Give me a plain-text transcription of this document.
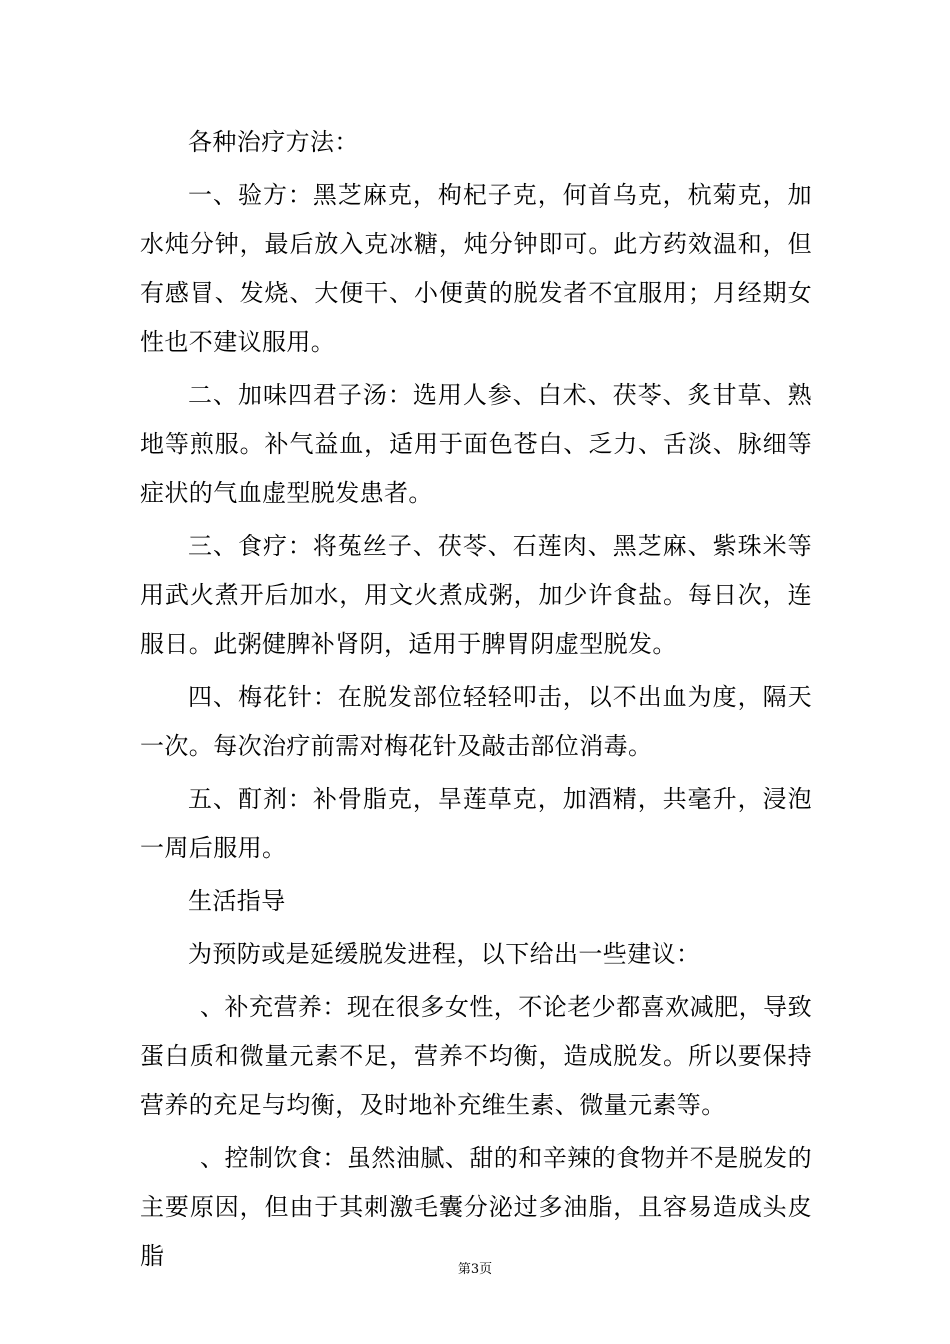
各种治疗方法：

一、验方：黑芝麻克，枸杞子克，何首乌克，杭菊克，加水炖分钟，最后放入克冰糖，炖分钟即可。此方药效温和，但有感冒、发烧、大便干、小便黄的脱发者不宜服用；月经期女性也不建议服用。

二、加味四君子汤：选用人参、白术、茯苓、炙甘草、熟地等煎服。补气益血，适用于面色苍白、乏力、舌淡、脉细等症状的气血虚型脱发患者。

三、食疗：将菟丝子、茯苓、石莲肉、黑芝麻、紫珠米等用武火煮开后加水，用文火煮成粥，加少许食盐。每日次，连服日。此粥健脾补肾阴，适用于脾胃阴虚型脱发。

四、梅花针：在脱发部位轻轻叩击，以不出血为度，隔天一次。每次治疗前需对梅花针及敲击部位消毒。

五、酊剂：补骨脂克，旱莲草克，加酒精，共毫升，浸泡一周后服用。

生活指导

为预防或是延缓脱发进程，以下给出一些建议：

、补充营养：现在很多女性，不论老少都喜欢减肥，导致蛋白质和微量元素不足，营养不均衡，造成脱发。所以要保持营养的充足与均衡，及时地补充维生素、微量元素等。

、控制饮食：虽然油腻、甜的和辛辣的食物并不是脱发的主要原因，但由于其刺激毛囊分泌过多油脂，且容易造成头皮脂	第3页
